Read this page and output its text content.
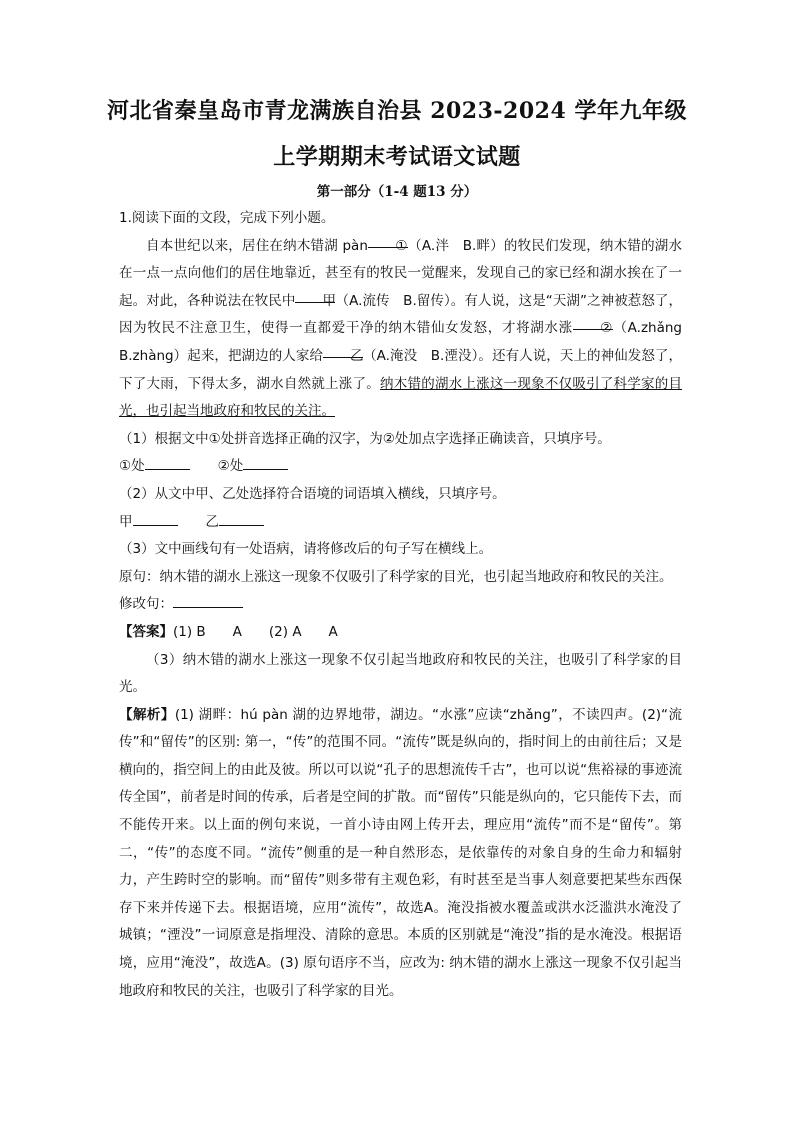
河北省秦皇岛市青龙满族自治县 2023-2024 学年九年级
上学期期末考试语文试题
第一部分（1-4 题13 分）

1.阅读下面的文段，完成下列小题。

自本世纪以来，居住在纳木错湖 pàn ①（A.泮　B.畔）的牧民们发现，纳木错的湖水在一点一点向他们的居住地靠近，甚至有的牧民一觉醒来，发现自己的家已经和湖水挨在了一起。对此，各种说法在牧民中 甲（A.流传　B.留传）。有人说，这是“天湖”之神被惹怒了，因为牧民不注意卫生，使得一直都爱干净的纳木错仙女发怒，才将湖水涨 ②（A.zhǎng　B.zhàng）起来，把湖边的人家给 乙（A.淹没　B.湮没）。还有人说，天上的神仙发怒了，下了大雨，下得太多，湖水自然就上涨了。纳木错的湖水上涨这一现象不仅吸引了科学家的目光，也引起当地政府和牧民的关注。

（1）根据文中①处拼音选择正确的汉字，为②处加点字选择正确读音，只填序号。

①处	②处

（2）从文中甲、乙处选择符合语境的词语填入横线，只填序号。

甲	乙

（3）文中画线句有一处语病，请将修改后的句子写在横线上。

原句：纳木错的湖水上涨这一现象不仅吸引了科学家的目光，也引起当地政府和牧民的关注。

修改句：

【答案】(1) B　　A　　(2) A　　A

（3）纳木错的湖水上涨这一现象不仅引起当地政府和牧民的关注，也吸引了科学家的目光。

【解析】(1) 湖畔：hú pàn 湖的边界地带，湖边。“水涨”应读“zhǎng”，不读四声。(2)“流传”和“留传”的区别: 第一，“传”的范围不同。“流传”既是纵向的，指时间上的由前往后；又是横向的，指空间上的由此及彼。所以可以说“孔子的思想流传千古”，也可以说“焦裕禄的事迹流传全国”，前者是时间的传承，后者是空间的扩散。而“留传”只能是纵向的，它只能传下去，而不能传开来。以上面的例句来说，一首小诗由网上传开去，理应用“流传”而不是“留传”。第二，“传”的态度不同。“流传”侧重的是一种自然形态，是依靠传的对象自身的生命力和辐射力，产生跨时空的影响。而“留传”则多带有主观色彩，有时甚至是当事人刻意要把某些东西保存下来并传递下去。根据语境，应用“流传”，故选A。淹没指被水覆盖或洪水泛滥洪水淹没了城镇；“湮没”一词原意是指埋没、清除的意思。本质的区别就是“淹没”指的是水淹没。根据语境，应用“淹没”，故选A。(3) 原句语序不当，应改为: 纳木错的湖水上涨这一现象不仅引起当地政府和牧民的关注，也吸引了科学家的目光。
